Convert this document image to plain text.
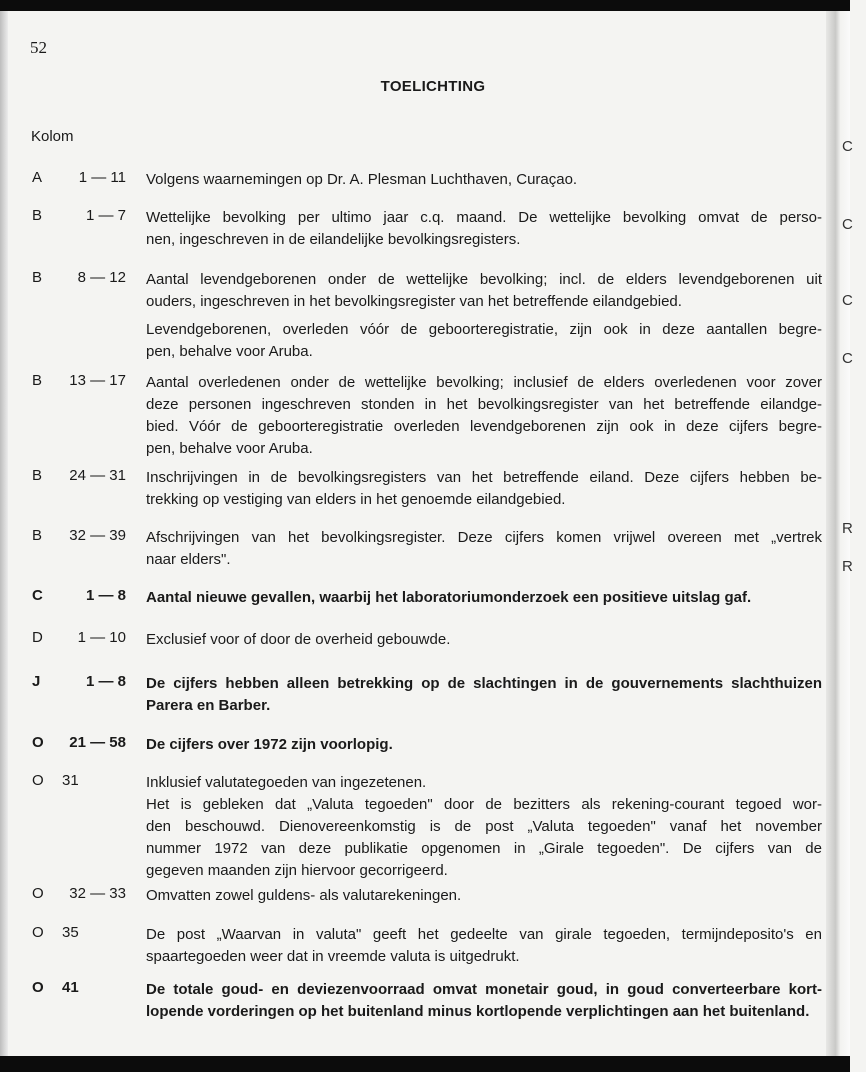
C
C
C
C
R
R
52
TOELICHTING
Kolom
A	1 — 11 Volgens waarnemingen op Dr. A. Plesman Luchthaven, Curaçao.
B	1 — 7 Wettelijke bevolking per ultimo jaar c.q. maand. De wettelijke bevolking omvat de perso-
nen, ingeschreven in de eilandelijke bevolkingsregisters.
B	8 — 12 Aantal levendgeborenen onder de wettelijke bevolking; incl. de elders levendgeborenen uit
ouders, ingeschreven in het bevolkingsregister van het betreffende eilandgebied.
Levendgeborenen, overleden vóór de geboorteregistratie, zijn ook in deze aantallen begre-
pen, behalve voor Aruba.
B	13 — 17 Aantal overledenen onder de wettelijke bevolking; inclusief de elders overledenen voor zover
deze personen ingeschreven stonden in het bevolkingsregister van het betreffende eilandge-
bied. Vóór de geboorteregistratie overleden levendgeborenen zijn ook in deze cijfers begre-
pen, behalve voor Aruba.
B	24 — 31 Inschrijvingen in de bevolkingsregisters van het betreffende eiland. Deze cijfers hebben be-
trekking op vestiging van elders in het genoemde eilandgebied.
B	32 — 39 Afschrijvingen van het bevolkingsregister. Deze cijfers komen vrijwel overeen met „vertrek
naar elders".
C	1 — 8 Aantal nieuwe gevallen, waarbij het laboratoriumonderzoek een positieve uitslag gaf.
D	1 — 10 Exclusief voor of door de overheid gebouwde.
J	1 — 8 De cijfers hebben alleen betrekking op de slachtingen in de gouvernements slachthuizen
Parera en Barber.
O	21 — 58 De cijfers over 1972 zijn voorlopig.
O	31	Inklusief valutategoeden van ingezetenen.
Het is gebleken dat „Valuta tegoeden" door de bezitters als rekening-courant tegoed wor-
den beschouwd. Dienovereenkomstig is de post „Valuta tegoeden" vanaf het november
nummer 1972 van deze publikatie opgenomen in „Girale tegoeden". De cijfers van de
gegeven maanden zijn hiervoor gecorrigeerd.
O	32 — 33 Omvatten zowel guldens- als valutarekeningen.
O	35	De post „Waarvan in valuta" geeft het gedeelte van girale tegoeden, termijndeposito's en
spaartegoeden weer dat in vreemde valuta is uitgedrukt.
O	41	De totale goud- en deviezenvoorraad omvat monetair goud, in goud converteerbare kort-
lopende vorderingen op het buitenland minus kortlopende verplichtingen aan het buitenland.
